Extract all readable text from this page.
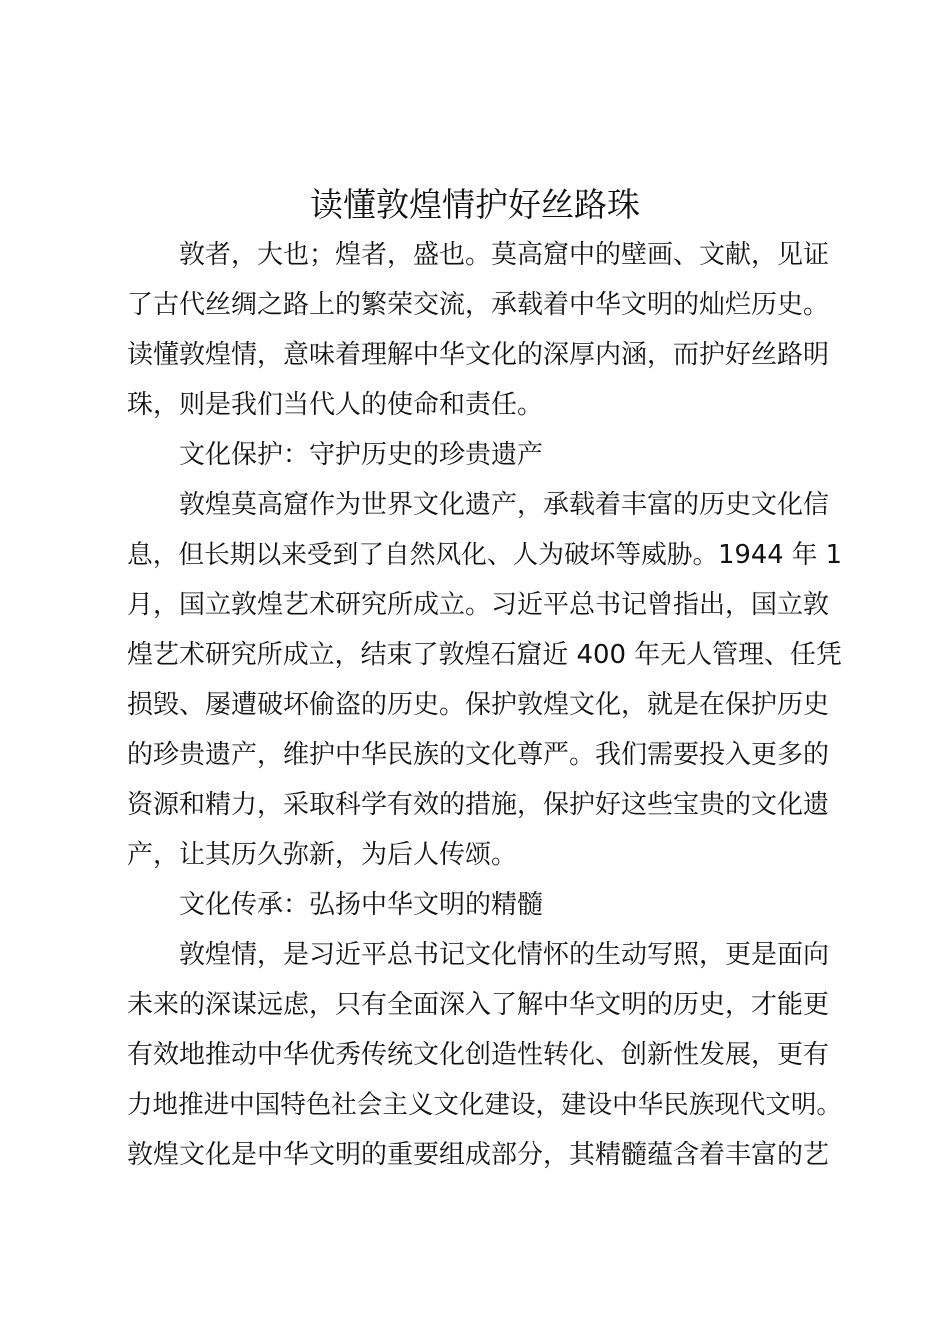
读懂敦煌情护好丝路珠
敦者，大也；煌者，盛也。莫高窟中的壁画、文献，见证
了古代丝绸之路上的繁荣交流，承载着中华文明的灿烂历史。
读懂敦煌情，意味着理解中华文化的深厚内涵，而护好丝路明
珠，则是我们当代人的使命和责任。
文化保护：守护历史的珍贵遗产
敦煌莫高窟作为世界文化遗产，承载着丰富的历史文化信
息，但长期以来受到了自然风化、人为破坏等威胁。1944 年 1
月，国立敦煌艺术研究所成立。习近平总书记曾指出，国立敦
煌艺术研究所成立，结束了敦煌石窟近 400 年无人管理、任凭
损毁、屡遭破坏偷盗的历史。保护敦煌文化，就是在保护历史
的珍贵遗产，维护中华民族的文化尊严。我们需要投入更多的
资源和精力，采取科学有效的措施，保护好这些宝贵的文化遗
产，让其历久弥新，为后人传颂。
文化传承：弘扬中华文明的精髓
敦煌情，是习近平总书记文化情怀的生动写照，更是面向
未来的深谋远虑，只有全面深入了解中华文明的历史，才能更
有效地推动中华优秀传统文化创造性转化、创新性发展，更有
力地推进中国特色社会主义文化建设，建设中华民族现代文明。
敦煌文化是中华文明的重要组成部分，其精髓蕴含着丰富的艺
